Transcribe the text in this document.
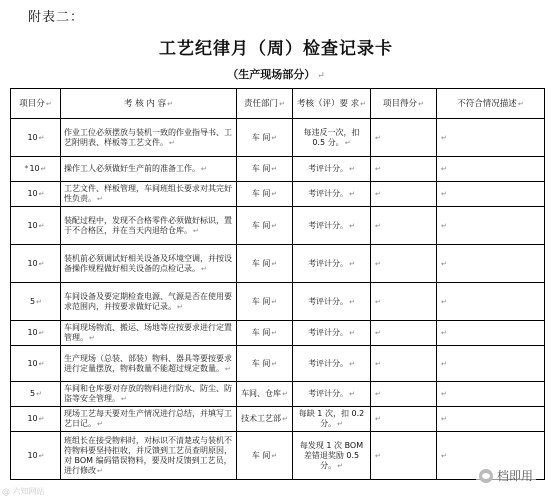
附表二：
工艺纪律月（周）检查记录卡
（生产现场部分） ↵
项目分↵	考 核 内 容↵	责任部门↵	考核（评）要 求↵	项目得分↵	不符合情况描述↵
10↵	作业工位必须摆放与装机一致的作业指导书、工艺附明表、样板等工艺文件。↵	车 间↵	每违反一次，扣 0.5 分。↵	↵	↵
*10↵	操作工人必须做好生产前的准备工作。↵	车 间↵	考评计分。↵	↵	↵
10↵	工艺文件、样板管理，车间班组长要求对其完好性负责。↵	车 间↵	考评计分。↵	↵	↵
10↵	装配过程中，发现不合格零件必须做好标识，置于不合格区，并在当天内退给仓库。↵	车 间↵	考评计分。↵	↵	↵
10↵	装机前必须调试好相关设备及环境空调，并按设备操作规程做好相关设备的点检记录。↵	车 间↵	考评计分。↵	↵	↵
5↵	车间设备及要定期检查电源、气源是否在使用要求范围内，并按要求做好记录。↵	车 间↵	考评计分。↵	↵	↵
10↵	车间现场物流、搬运、场地等应按要求进行定置管理。↵	车 间↵	考评计分。↵	↵	↵
10↵	生产现场（总装、部装）物料、器具等要按要求进行定量摆放，物料数量不能超过规定数量。↵	车 间↵	考评计分。↵	↵	↵
5↵	车间和仓库要对存放的物料进行防水、防尘、防盗等安全管理。↵	车间、仓库↵	考评计分。↵	↵	↵
10↵	现场工艺每天要对生产情况进行总结，并填写工艺日记。↵	技术工艺部↵	每缺 1 次，扣 0.2 分。↵	↵	↵
10↵	班组长在接受物料时，对标识不清楚或与装机不符物料要坚持拒收，并反馈到工艺员查明原因，对 BOM 编码错误物料，要及时反馈到工艺员，进行修改↵	车 间↵	每发现 1 次 BOM 差错退奖励 0.5 分。↵	↵	↵
@ 六知网站
档即用
